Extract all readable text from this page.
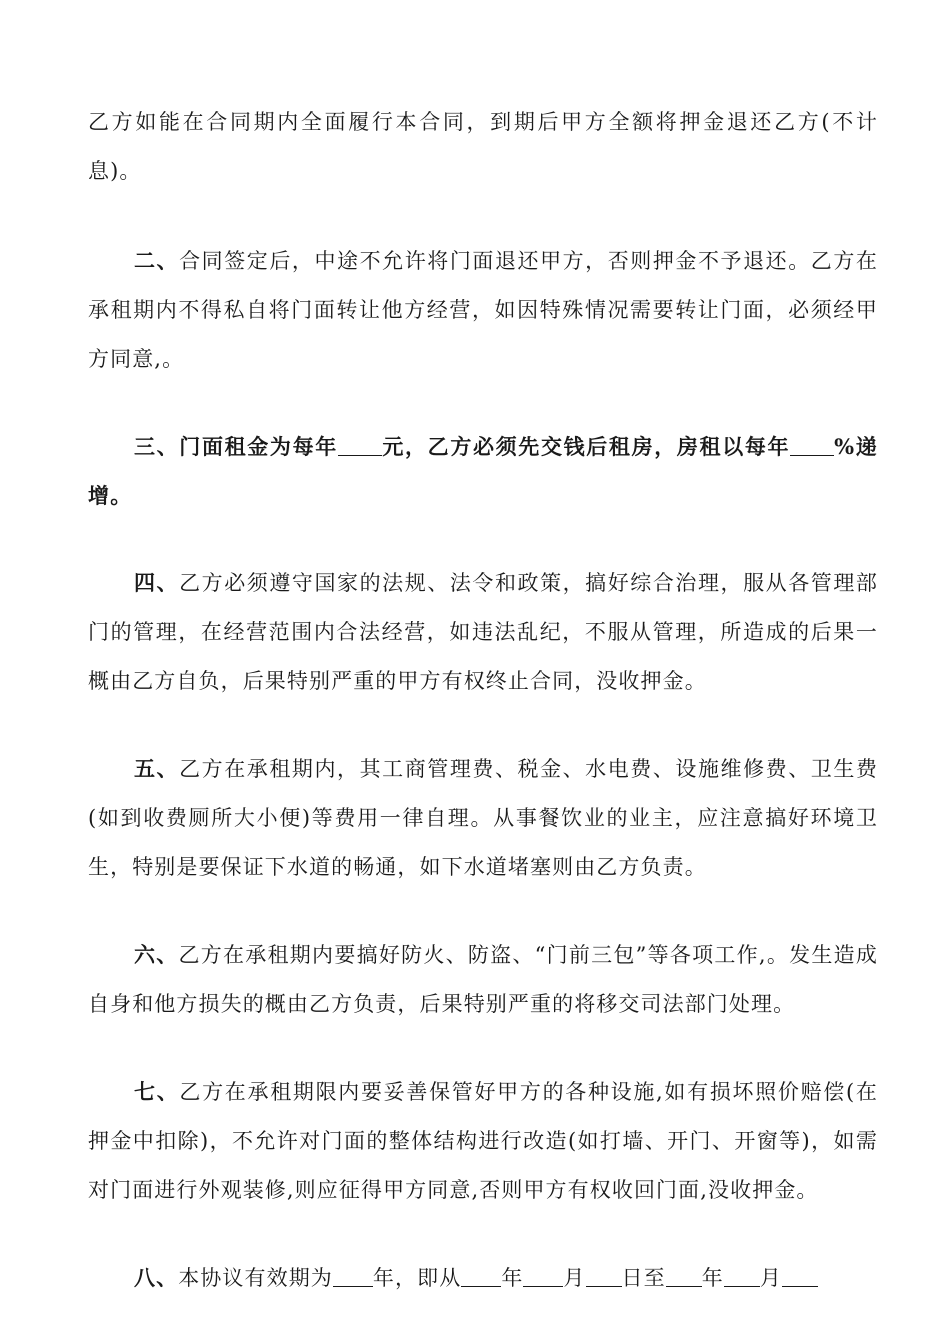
乙方如能在合同期内全面履行本合同，到期后甲方全额将押金退还乙方(不计息)。

二、合同签定后，中途不允许将门面退还甲方，否则押金不予退还。乙方在承租期内不得私自将门面转让他方经营，如因特殊情况需要转让门面，必须经甲方同意,。

三、门面租金为每年 元，乙方必须先交钱后租房，房租以每年 %递增。

四、乙方必须遵守国家的法规、法令和政策，搞好综合治理，服从各管理部门的管理，在经营范围内合法经营，如违法乱纪，不服从管理，所造成的后果一概由乙方自负，后果特别严重的甲方有权终止合同，没收押金。

五、乙方在承租期内，其工商管理费、税金、水电费、设施维修费、卫生费(如到收费厕所大小便)等费用一律自理。从事餐饮业的业主，应注意搞好环境卫生，特别是要保证下水道的畅通，如下水道堵塞则由乙方负责。

六、乙方在承租期内要搞好防火、防盗、“门前三包”等各项工作,。发生造成自身和他方损失的概由乙方负责，后果特别严重的将移交司法部门处理。

七、乙方在承租期限内要妥善保管好甲方的各种设施,如有损坏照价赔偿(在押金中扣除)，不允许对门面的整体结构进行改造(如打墙、开门、开窗等)，如需对门面进行外观装修,则应征得甲方同意,否则甲方有权收回门面,没收押金。

八、本协议有效期为 年，即从 年 月 日至 年 月
